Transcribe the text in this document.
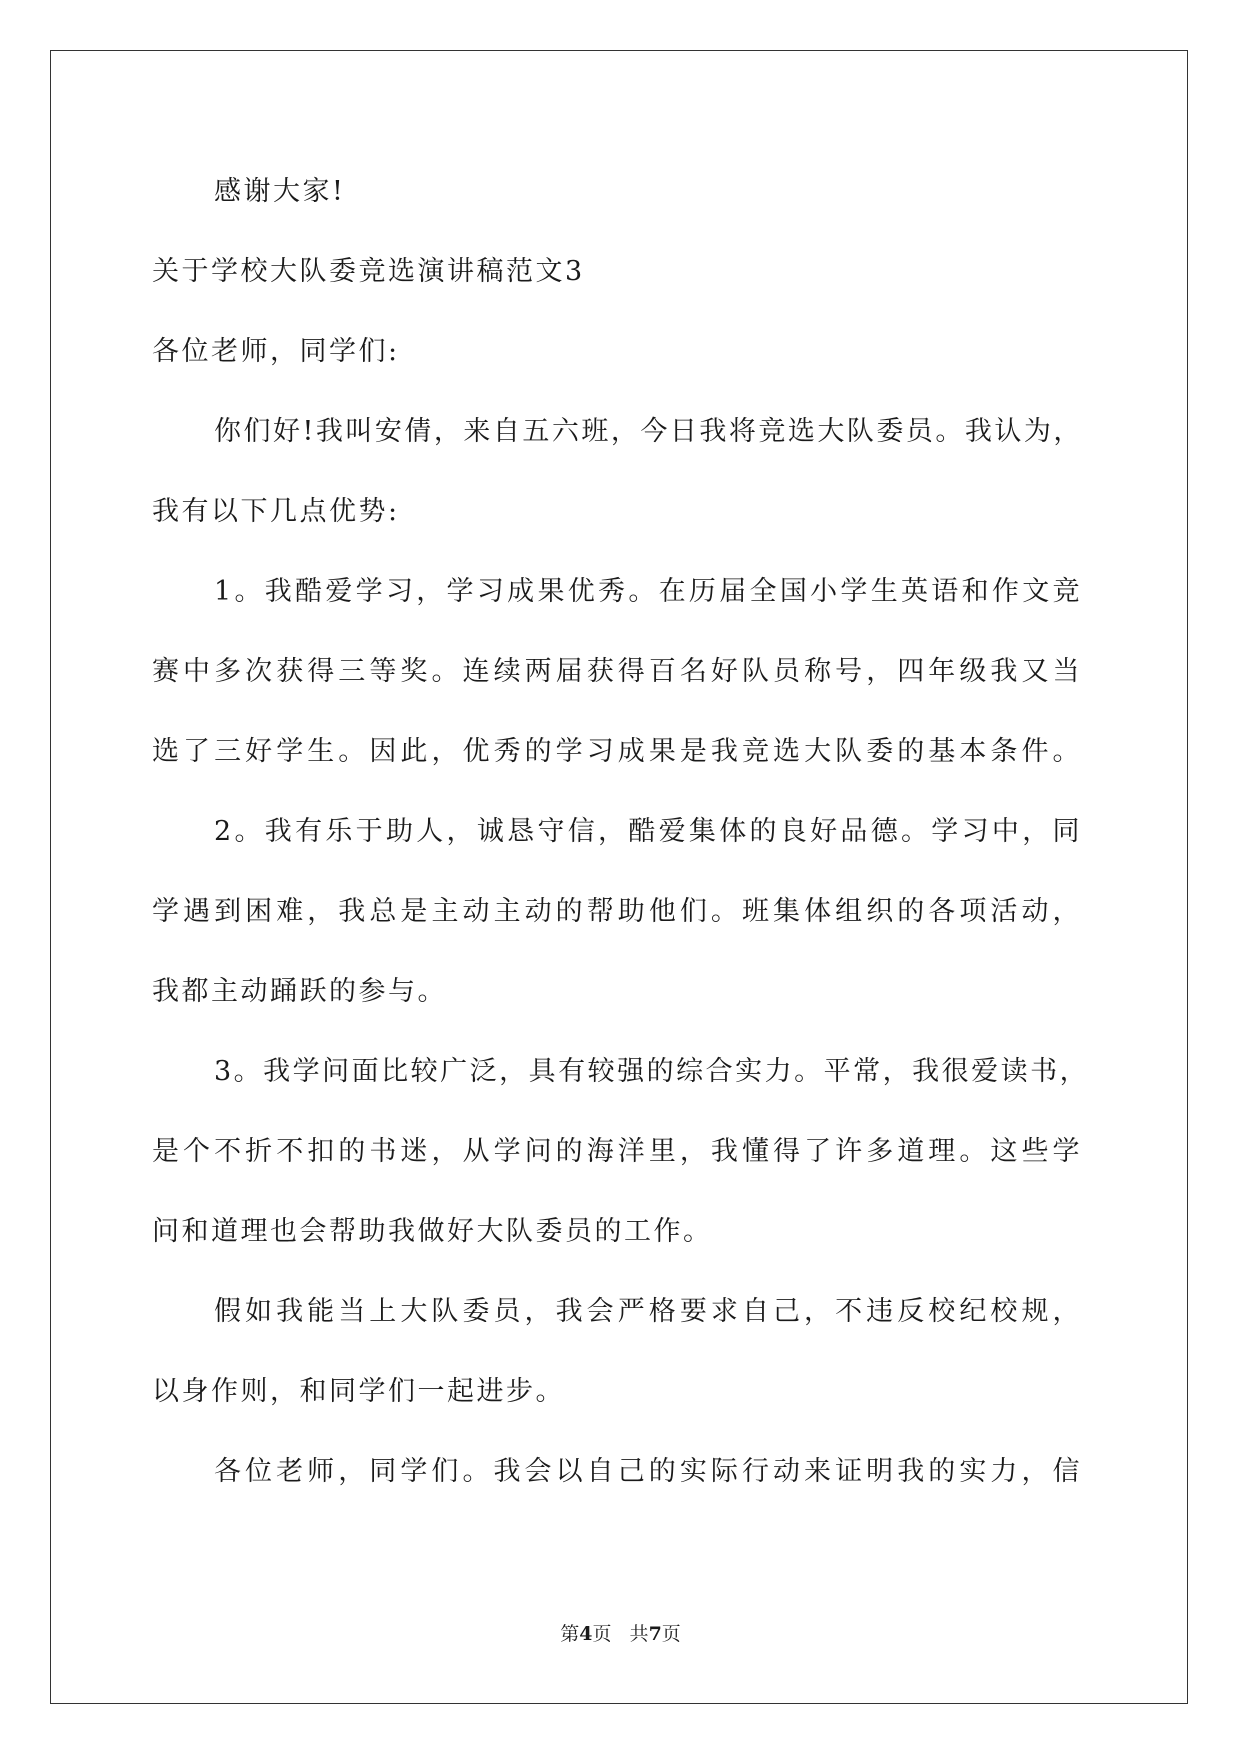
感谢大家!
关于学校大队委竞选演讲稿范文3
各位老师，同学们:
你们好!我叫安倩，来自五六班，今日我将竞选大队委员。我认为，
我有以下几点优势:
1。我酷爱学习，学习成果优秀。在历届全国小学生英语和作文竞
赛中多次获得三等奖。连续两届获得百名好队员称号，四年级我又当
选了三好学生。因此，优秀的学习成果是我竞选大队委的基本条件。
2。我有乐于助人，诚恳守信，酷爱集体的良好品德。学习中，同
学遇到困难，我总是主动主动的帮助他们。班集体组织的各项活动，
我都主动踊跃的参与。
3。我学问面比较广泛，具有较强的综合实力。平常，我很爱读书，
是个不折不扣的书迷，从学问的海洋里，我懂得了许多道理。这些学
问和道理也会帮助我做好大队委员的工作。
假如我能当上大队委员，我会严格要求自己，不违反校纪校规，
以身作则，和同学们一起进步。
各位老师，同学们。我会以自己的实际行动来证明我的实力，信
第4页   共7页
